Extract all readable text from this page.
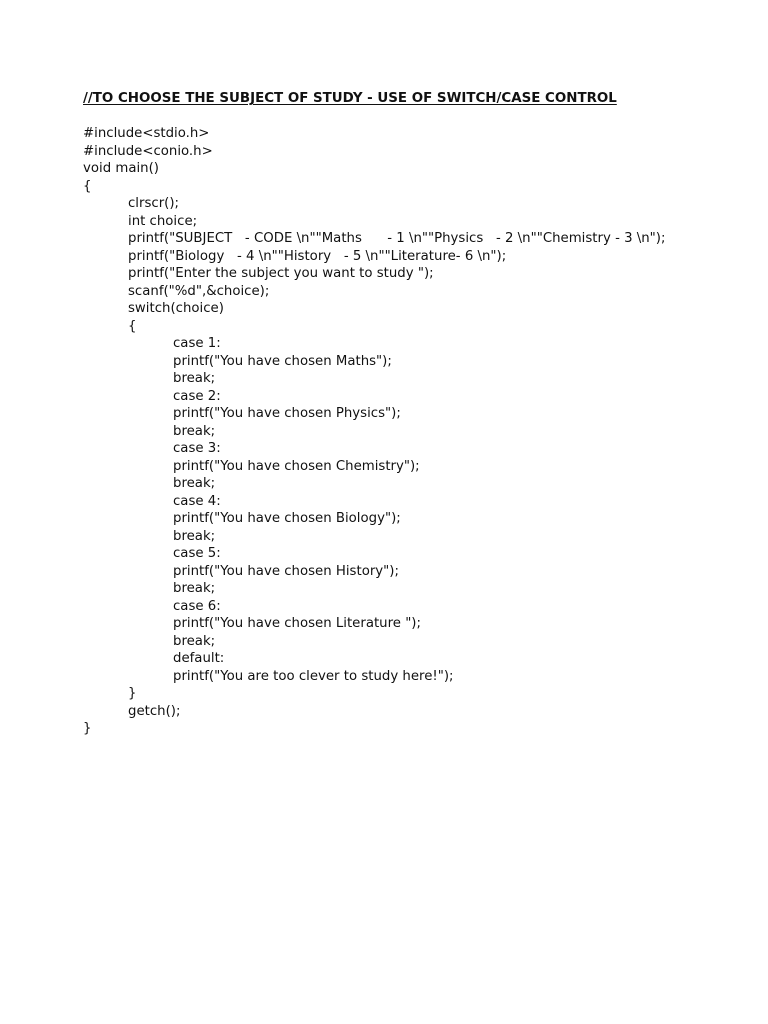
//TO CHOOSE THE SUBJECT OF STUDY - USE OF SWITCH/CASE CONTROL
#include<stdio.h>
#include<conio.h>
void main()
{
clrscr();
int choice;
printf("SUBJECT   - CODE \n""Maths      - 1 \n""Physics   - 2 \n""Chemistry - 3 \n");
printf("Biology   - 4 \n""History   - 5 \n""Literature- 6 \n");
printf("Enter the subject you want to study ");
scanf("%d",&choice);
switch(choice)
{
case 1:
printf("You have chosen Maths");
break;
case 2:
printf("You have chosen Physics");
break;
case 3:
printf("You have chosen Chemistry");
break;
case 4:
printf("You have chosen Biology");
break;
case 5:
printf("You have chosen History");
break;
case 6:
printf("You have chosen Literature ");
break;
default:
printf("You are too clever to study here!");
}
getch();
}
